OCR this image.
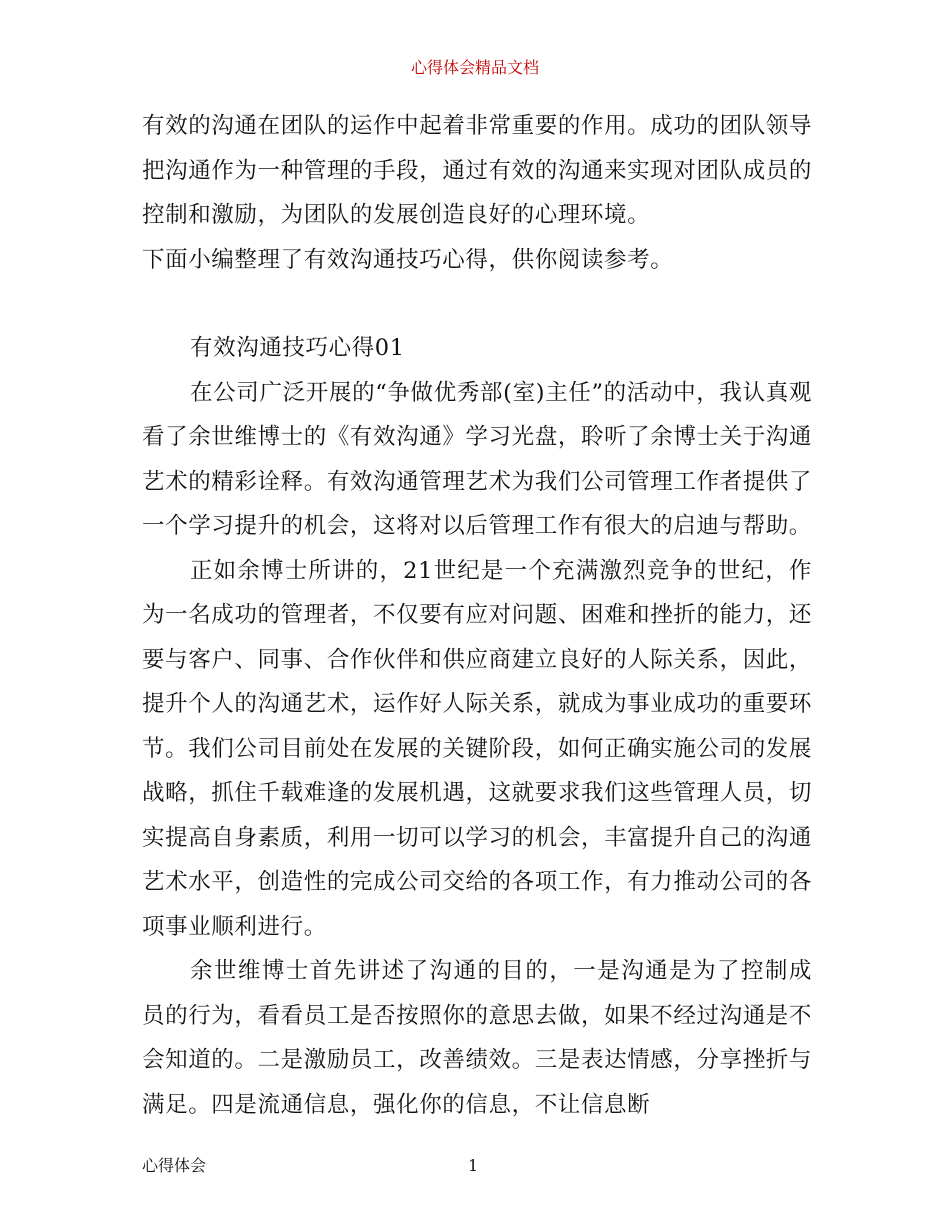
心得体会精品文档

有效的沟通在团队的运作中起着非常重要的作用。成功的团队领导把沟通作为一种管理的手段，通过有效的沟通来实现对团队成员的控制和激励，为团队的发展创造良好的心理环境。

下面小编整理了有效沟通技巧心得，供你阅读参考。

有效沟通技巧心得01

在公司广泛开展的“争做优秀部(室)主任”的活动中，我认真观看了余世维博士的《有效沟通》学习光盘，聆听了余博士关于沟通艺术的精彩诠释。有效沟通管理艺术为我们公司管理工作者提供了一个学习提升的机会，这将对以后管理工作有很大的启迪与帮助。

正如余博士所讲的，21世纪是一个充满激烈竞争的世纪，作为一名成功的管理者，不仅要有应对问题、困难和挫折的能力，还要与客户、同事、合作伙伴和供应商建立良好的人际关系，因此，提升个人的沟通艺术，运作好人际关系，就成为事业成功的重要环节。我们公司目前处在发展的关键阶段，如何正确实施公司的发展战略，抓住千载难逢的发展机遇，这就要求我们这些管理人员，切实提高自身素质，利用一切可以学习的机会，丰富提升自己的沟通艺术水平，创造性的完成公司交给的各项工作，有力推动公司的各项事业顺利进行。

余世维博士首先讲述了沟通的目的，一是沟通是为了控制成员的行为，看看员工是否按照你的意思去做，如果不经过沟通是不会知道的。二是激励员工，改善绩效。三是表达情感，分享挫折与满足。四是流通信息，强化你的信息，不让信息断

心得体会	1
